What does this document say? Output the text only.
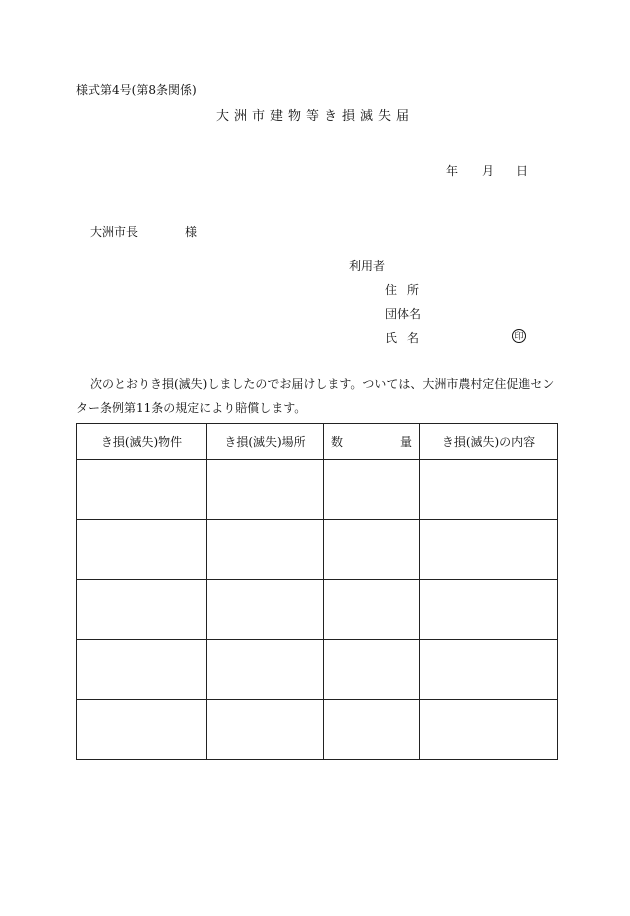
様式第4号(第8条関係)
大洲市建物等き損滅失届
年 月 日
大洲市長	様
利用者
住所
団体名
氏名	印
次のとおりき損(滅失)しましたのでお届けします。ついては、大洲市農村定住促進セン
ター条例第11条の規定により賠償します。
き損(滅失)物件	き損(滅失)場所	数 量	き損(滅失)の内容
